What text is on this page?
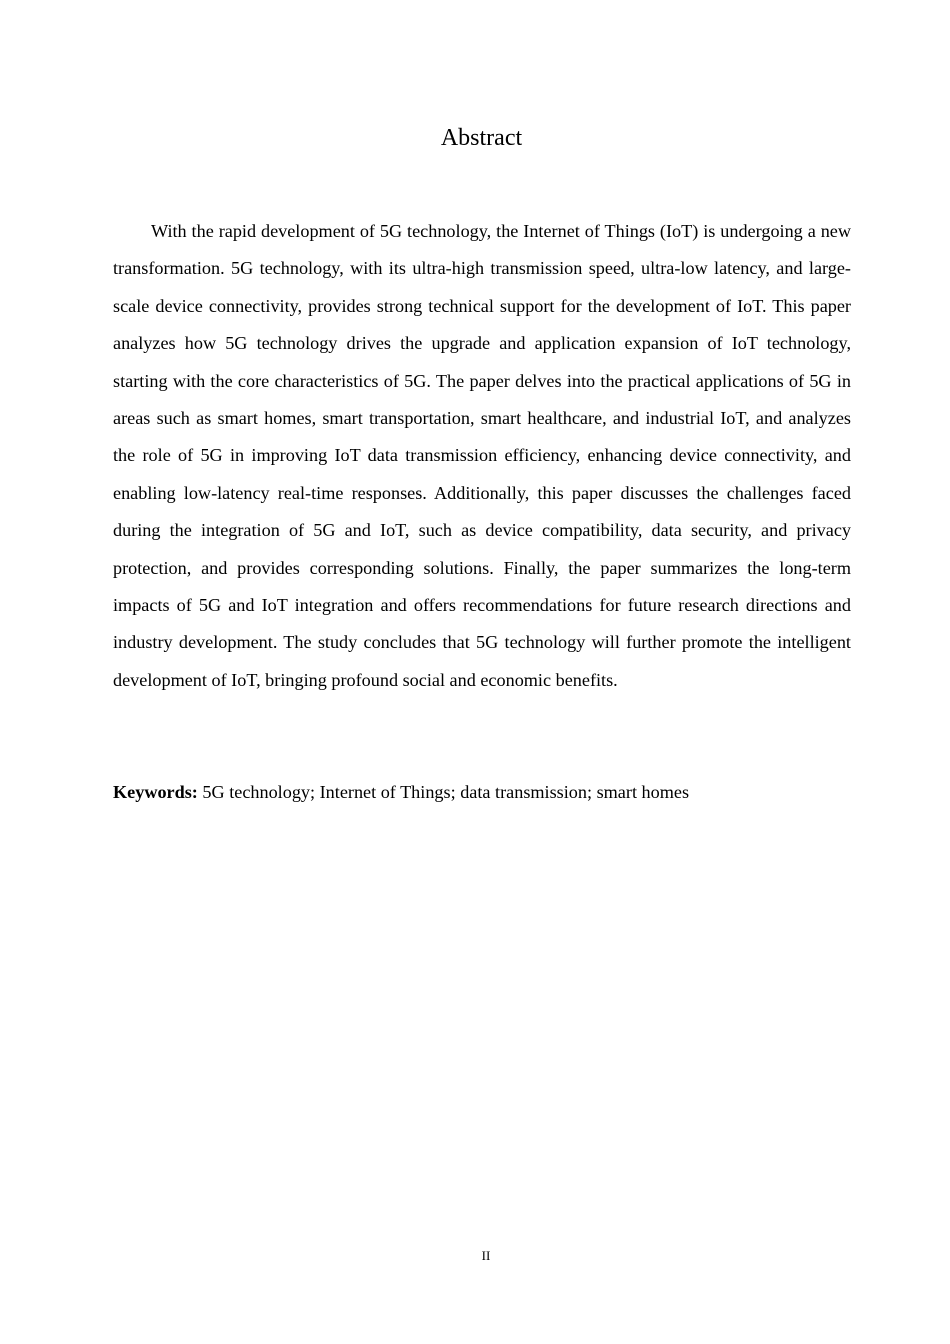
Abstract

With the rapid development of 5G technology, the Internet of Things (IoT) is undergoing a new transformation. 5G technology, with its ultra-high transmission speed, ultra-low latency, and large-scale device connectivity, provides strong technical support for the development of IoT. This paper analyzes how 5G technology drives the upgrade and application expansion of IoT technology, starting with the core characteristics of 5G. The paper delves into the practical applications of 5G in areas such as smart homes, smart transportation, smart healthcare, and industrial IoT, and analyzes the role of 5G in improving IoT data transmission efficiency, enhancing device connectivity, and enabling low-latency real-time responses. Additionally, this paper discusses the challenges faced during the integration of 5G and IoT, such as device compatibility, data security, and privacy protection, and provides corresponding solutions. Finally, the paper summarizes the long-term impacts of 5G and IoT integration and offers recommendations for future research directions and industry development. The study concludes that 5G technology will further promote the intelligent development of IoT, bringing profound social and economic benefits.

Keywords: 5G technology; Internet of Things; data transmission; smart homes

II
